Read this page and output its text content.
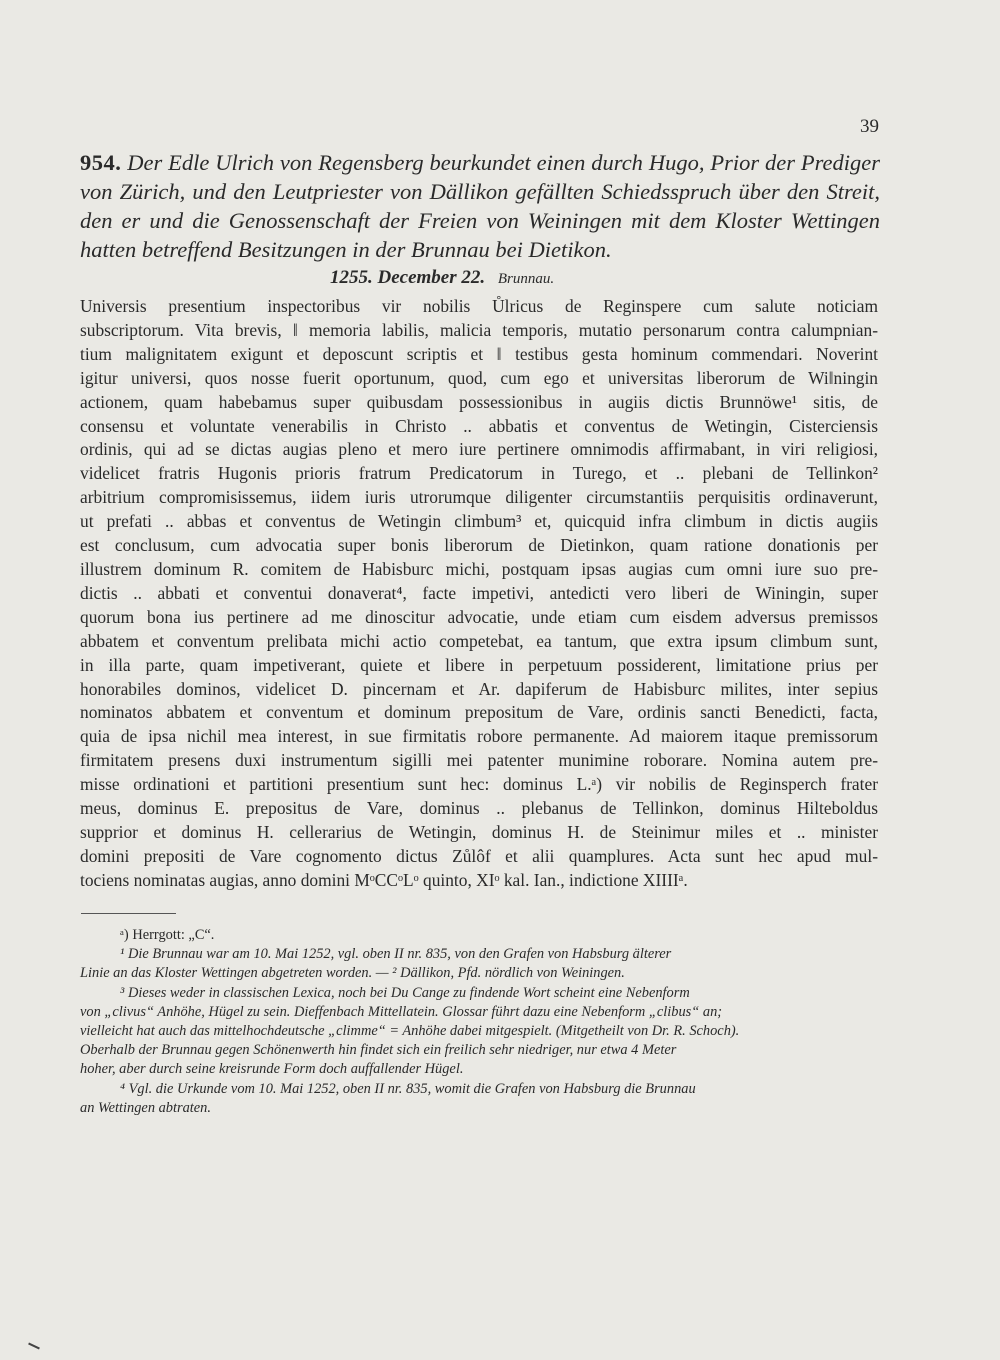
39
954. Der Edle Ulrich von Regensberg beurkundet einen durch Hugo, Prior der Prediger von Zürich, und den Leutpriester von Dällikon gefällten Schiedsspruch über den Streit, den er und die Genossenschaft der Freien von Weiningen mit dem Kloster Wettingen hatten betreffend Besitzungen in der Brunnau bei Dietikon.
1255. December 22. Brunnau.

Universis presentium inspectoribus vir nobilis Ůlricus de Reginspere cum salute noticiam

subscriptorum. Vita brevis, ‖ memoria labilis, malicia temporis, mutatio personarum contra calumpnian-

tium malignitatem exigunt et deposcunt scriptis et ‖ testibus gesta hominum commendari. Noverint

igitur universi, quos nosse fuerit oportunum, quod, cum ego et universitas liberorum de Wi‖ningin

actionem, quam habebamus super quibusdam possessionibus in augiis dictis Brunnöwe¹ sitis, de

consensu et voluntate venerabilis in Christo .. abbatis et conventus de Wetingin, Cisterciensis

ordinis, qui ad se dictas augias pleno et mero iure pertinere omnimodis affirmabant, in viri religiosi,

videlicet fratris Hugonis prioris fratrum Predicatorum in Turego, et .. plebani de Tellinkon²

arbitrium compromisissemus, iidem iuris utrorumque diligenter circumstantiis perquisitis ordinaverunt,

ut prefati .. abbas et conventus de Wetingin climbum³ et, quicquid infra climbum in dictis augiis

est conclusum, cum advocatia super bonis liberorum de Dietinkon, quam ratione donationis per

illustrem dominum R. comitem de Habisburc michi, postquam ipsas augias cum omni iure suo pre-

dictis .. abbati et conventui donaverat⁴, facte impetivi, antedicti vero liberi de Winingin, super

quorum bona ius pertinere ad me dinoscitur advocatie, unde etiam cum eisdem adversus premissos

abbatem et conventum prelibata michi actio competebat, ea tantum, que extra ipsum climbum sunt,

in illa parte, quam impetiverant, quiete et libere in perpetuum possiderent, limitatione prius per

honorabiles dominos, videlicet D. pincernam et Ar. dapiferum de Habisburc milites, inter sepius

nominatos abbatem et conventum et dominum prepositum de Vare, ordinis sancti Benedicti, facta,

quia de ipsa nichil mea interest, in sue firmitatis robore permanente. Ad maiorem itaque premissorum

firmitatem presens duxi instrumentum sigilli mei patenter munimine roborare. Nomina autem pre-

misse ordinationi et partitioni presentium sunt hec: dominus L.ᵃ) vir nobilis de Reginsperch frater

meus, dominus E. prepositus de Vare, dominus .. plebanus de Tellinkon, dominus Hilteboldus

supprior et dominus H. cellerarius de Wetingin, dominus H. de Steinimur miles et .. minister

domini prepositi de Vare cognomento dictus Zůlôf et alii quamplures. Acta sunt hec apud mul-

tociens nominatas augias, anno domini MᵒCCᵒLᵒ quinto, XIᵒ kal. Ian., indictione XIIIIᵃ.

ᵃ) Herrgott: „C“.

¹ Die Brunnau war am 10. Mai 1252, vgl. oben II nr. 835, von den Grafen von Habsburg älterer

Linie an das Kloster Wettingen abgetreten worden. — ² Dällikon, Pfd. nördlich von Weiningen.

³ Dieses weder in classischen Lexica, noch bei Du Cange zu findende Wort scheint eine Nebenform

von „clivus“ Anhöhe, Hügel zu sein. Dieffenbach Mittellatein. Glossar führt dazu eine Nebenform „clibus“ an;

vielleicht hat auch das mittelhochdeutsche „climme“ = Anhöhe dabei mitgespielt. (Mitgetheilt von Dr. R. Schoch).

Oberhalb der Brunnau gegen Schönenwerth hin findet sich ein freilich sehr niedriger, nur etwa 4 Meter

hoher, aber durch seine kreisrunde Form doch auffallender Hügel.

⁴ Vgl. die Urkunde vom 10. Mai 1252, oben II nr. 835, womit die Grafen von Habsburg die Brunnau

an Wettingen abtraten.
